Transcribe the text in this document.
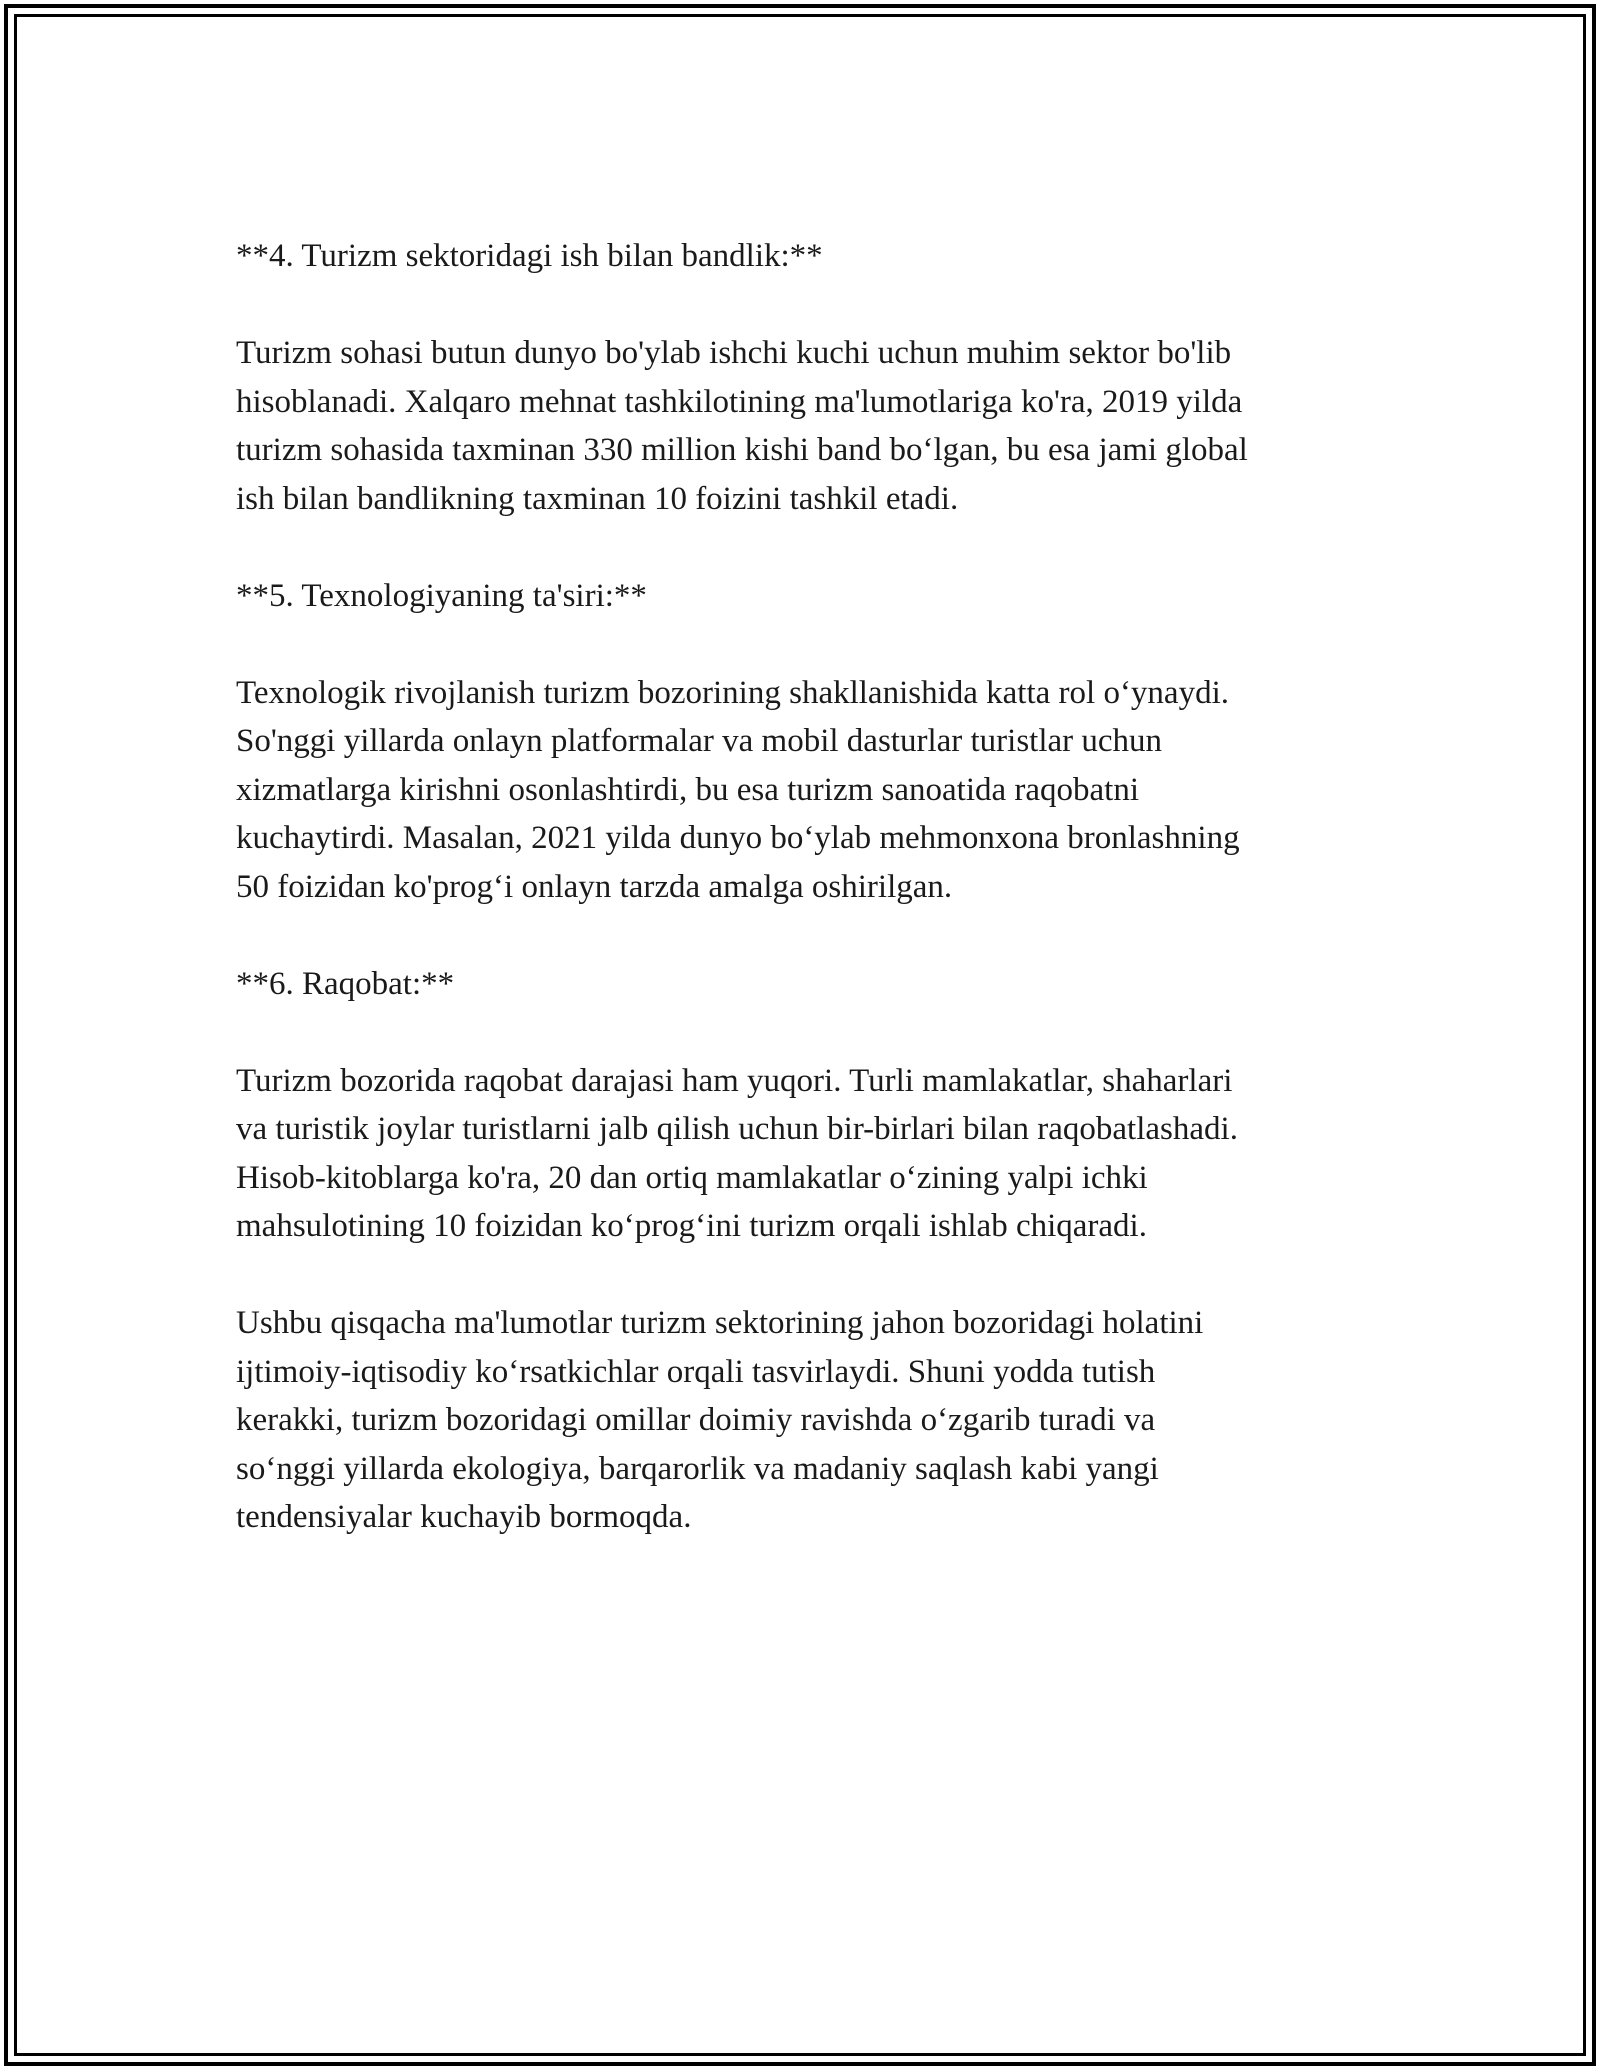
**4. Turizm sektoridagi ish bilan bandlik:**

Turizm sohasi butun dunyo bo'ylab ishchi kuchi uchun muhim sektor bo'lib
hisoblanadi. Xalqaro mehnat tashkilotining ma'lumotlariga ko'ra, 2019 yilda
turizm sohasida taxminan 330 million kishi band bo‘lgan, bu esa jami global
ish bilan bandlikning taxminan 10 foizini tashkil etadi.

**5. Texnologiyaning ta'siri:**

Texnologik rivojlanish turizm bozorining shakllanishida katta rol o‘ynaydi.
So'nggi yillarda onlayn platformalar va mobil dasturlar turistlar uchun
xizmatlarga kirishni osonlashtirdi, bu esa turizm sanoatida raqobatni
kuchaytirdi. Masalan, 2021 yilda dunyo bo‘ylab mehmonxona bronlashning
50 foizidan ko'prog‘i onlayn tarzda amalga oshirilgan.

**6. Raqobat:**

Turizm bozorida raqobat darajasi ham yuqori. Turli mamlakatlar, shaharlari
va turistik joylar turistlarni jalb qilish uchun bir-birlari bilan raqobatlashadi.
Hisob-kitoblarga ko'ra, 20 dan ortiq mamlakatlar o‘zining yalpi ichki
mahsulotining 10 foizidan ko‘prog‘ini turizm orqali ishlab chiqaradi.

Ushbu qisqacha ma'lumotlar turizm sektorining jahon bozoridagi holatini
ijtimoiy-iqtisodiy ko‘rsatkichlar orqali tasvirlaydi. Shuni yodda tutish
kerakki, turizm bozoridagi omillar doimiy ravishda o‘zgarib turadi va
so‘nggi yillarda ekologiya, barqarorlik va madaniy saqlash kabi yangi
tendensiyalar kuchayib bormoqda.
